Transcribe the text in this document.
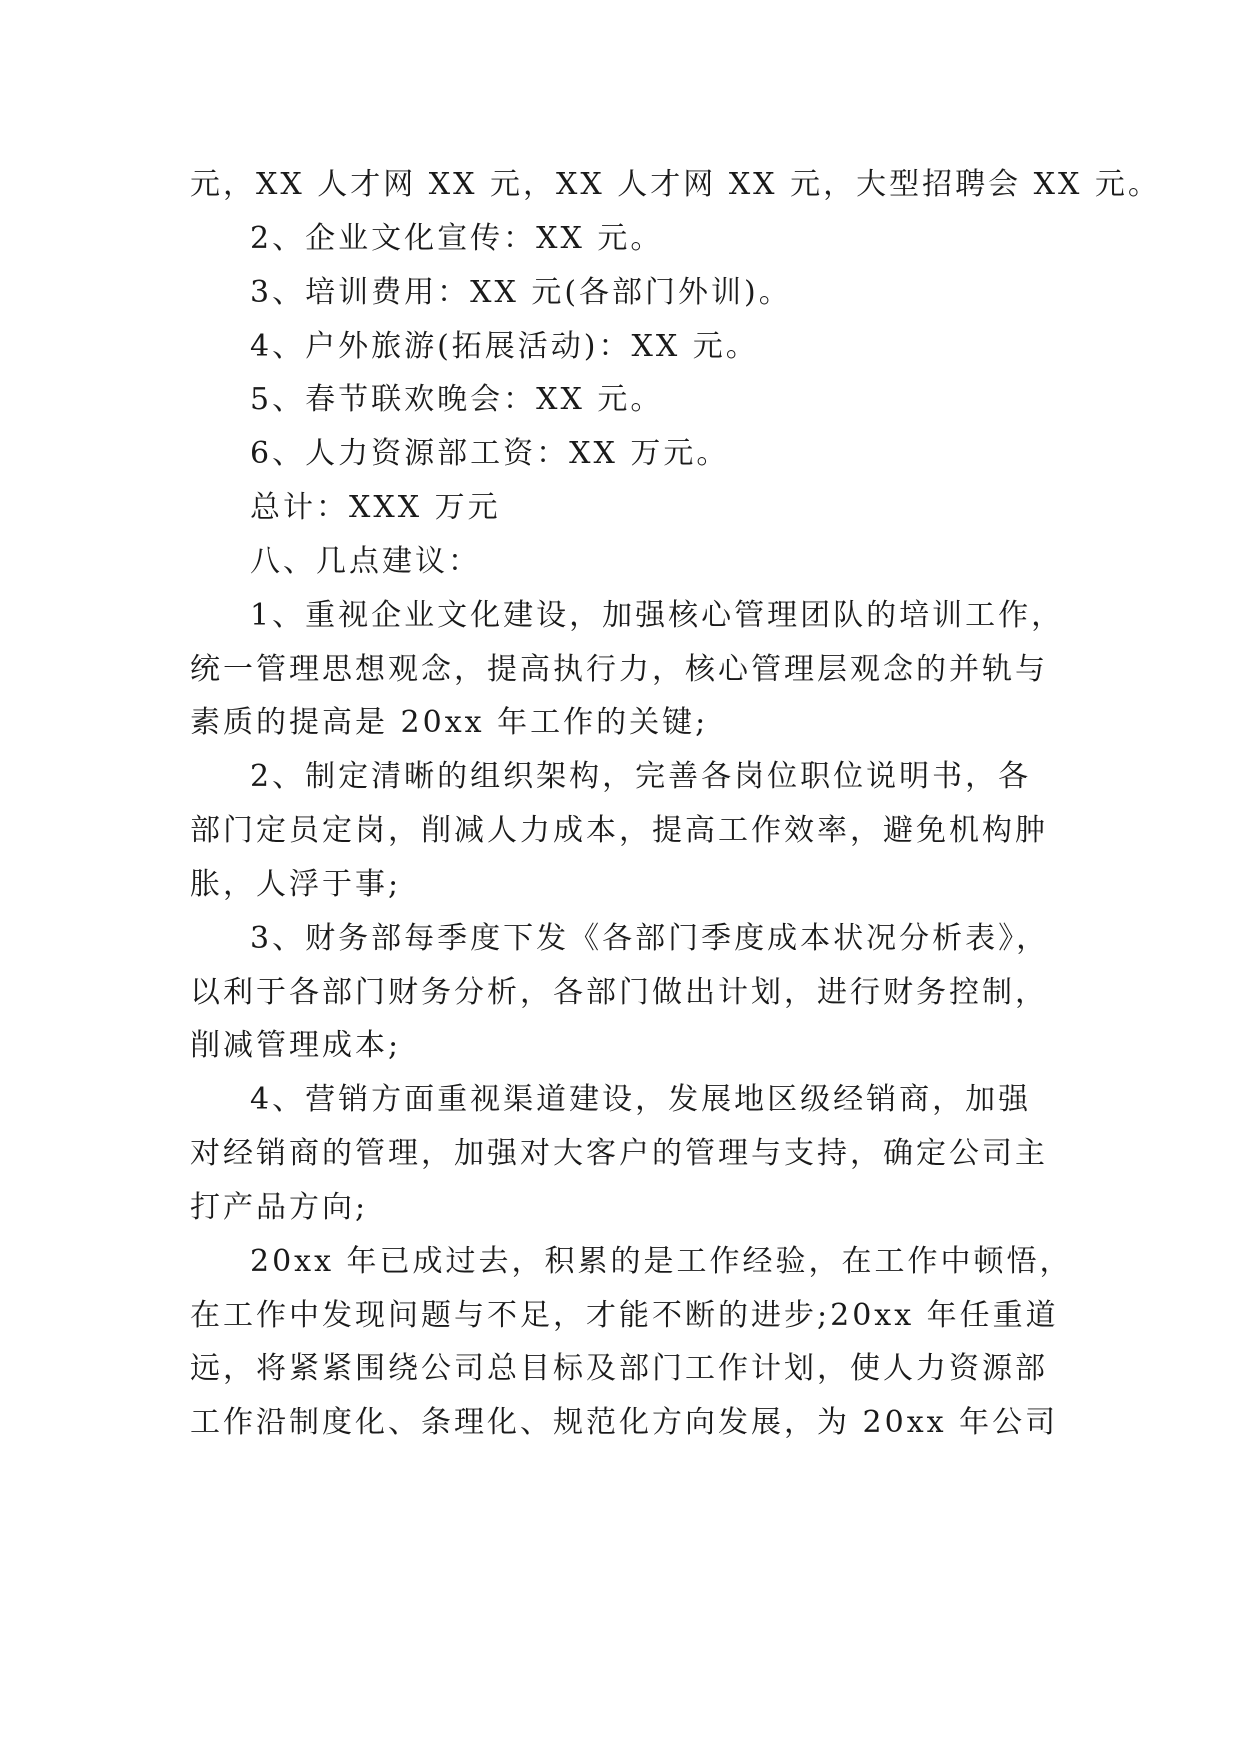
元，XX 人才网 XX 元，XX 人才网 XX 元，大型招聘会 XX 元。
2、企业文化宣传：XX 元。
3、培训费用：XX 元(各部门外训)。
4、户外旅游(拓展活动)：XX 元。
5、春节联欢晚会：XX 元。
6、人力资源部工资：XX 万元。
总计：XXX 万元
八、几点建议：
1、重视企业文化建设，加强核心管理团队的培训工作，
统一管理思想观念，提高执行力，核心管理层观念的并轨与
素质的提高是 20xx 年工作的关键;
2、制定清晰的组织架构，完善各岗位职位说明书，各
部门定员定岗，削减人力成本，提高工作效率，避免机构肿
胀，人浮于事;
3、财务部每季度下发《各部门季度成本状况分析表》，
以利于各部门财务分析，各部门做出计划，进行财务控制，
削减管理成本;
4、营销方面重视渠道建设，发展地区级经销商，加强
对经销商的管理，加强对大客户的管理与支持，确定公司主
打产品方向;
20xx 年已成过去，积累的是工作经验，在工作中顿悟，
在工作中发现问题与不足，才能不断的进步;20xx 年任重道
远，将紧紧围绕公司总目标及部门工作计划，使人力资源部
工作沿制度化、条理化、规范化方向发展，为 20xx 年公司
